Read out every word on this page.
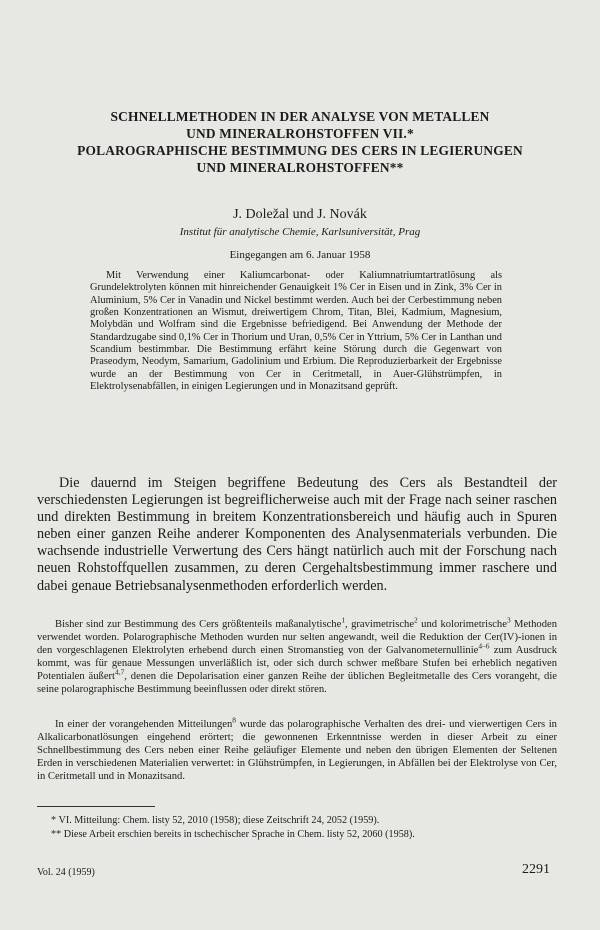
SCHNELLMETHODEN IN DER ANALYSE VON METALLEN
UND MINERALROHSTOFFEN VII.*
POLAROGRAPHISCHE BESTIMMUNG DES CERS IN LEGIERUNGEN
UND MINERALROHSTOFFEN**
J. Doležal und J. Novák
Institut für analytische Chemie, Karlsuniversität, Prag
Eingegangen am 6. Januar 1958

Mit Verwendung einer Kaliumcarbonat- oder Kaliumnatriumtartratlösung als Grundelektrolyten können mit hinreichender Genauigkeit 1% Cer in Eisen und in Zink, 3% Cer in Aluminium, 5% Cer in Vanadin und Nickel bestimmt werden. Auch bei der Cerbestimmung neben großen Konzentrationen an Wismut, dreiwertigem Chrom, Titan, Blei, Kadmium, Magnesium, Molybdän und Wolfram sind die Ergebnisse befriedigend. Bei Anwendung der Methode der Standardzugabe sind 0,1% Cer in Thorium und Uran, 0,5% Cer in Yttrium, 5% Cer in Lanthan und Scandium bestimmbar. Die Bestimmung erfährt keine Störung durch die Gegenwart von Praseodym, Neodym, Samarium, Gadolinium und Erbium. Die Reproduzierbarkeit der Ergebnisse wurde an der Bestimmung von Cer in Ceritmetall, in Auer-Glühstrümpfen, in Elektrolysenabfällen, in einigen Legierungen und in Monazitsand geprüft.

Die dauernd im Steigen begriffene Bedeutung des Cers als Bestandteil der verschiedensten Legierungen ist begreiflicherweise auch mit der Frage nach seiner raschen und direkten Bestimmung in breitem Konzentrationsbereich und häufig auch in Spuren neben einer ganzen Reihe anderer Komponenten des Analysenmaterials verbunden. Die wachsende industrielle Verwertung des Cers hängt natürlich auch mit der Forschung nach neuen Rohstoffquellen zusammen, zu deren Cergehaltsbestimmung immer raschere und dabei genaue Betriebsanalysenmethoden erforderlich werden.

Bisher sind zur Bestimmung des Cers größtenteils maßanalytische$^1$, gravimetrische$^2$ und kolorimetrische$^3$ Methoden verwendet worden. Polarographische Methoden wurden nur selten angewandt, weil die Reduktion der Cer(IV)-ionen in den vorgeschlagenen Elektrolyten erhebend durch einen Stromanstieg von der Galvanometernullinie$^{4-6}$ zum Ausdruck kommt, was für genaue Messungen unverläßlich ist, oder sich durch schwer meßbare Stufen bei erheblich negativen Potentialen äußert$^{4,7}$, denen die Depolarisation einer ganzen Reihe der üblichen Begleitmetalle des Cers vorangeht, die seine polarographische Bestimmung beeinflussen oder direkt stören.

In einer der vorangehenden Mitteilungen$^8$ wurde das polarographische Verhalten des drei- und vierwertigen Cers in Alkalicarbonatlösungen eingehend erörtert; die gewonnenen Erkenntnisse werden in dieser Arbeit zu einer Schnellbestimmung des Cers neben einer Reihe geläufiger Elemente und neben den übrigen Elementen der Seltenen Erden in verschiedenen Materialien verwertet: in Glühstrümpfen, in Legierungen, in Abfällen bei der Elektrolyse von Cer, in Ceritmetall und in Monazitsand.

* VI. Mitteilung: Chem. listy 52, 2010 (1958); diese Zeitschrift 24, 2052 (1959).

** Diese Arbeit erschien bereits in tschechischer Sprache in Chem. listy 52, 2060 (1958).

Vol. 24 (1959)	2291
